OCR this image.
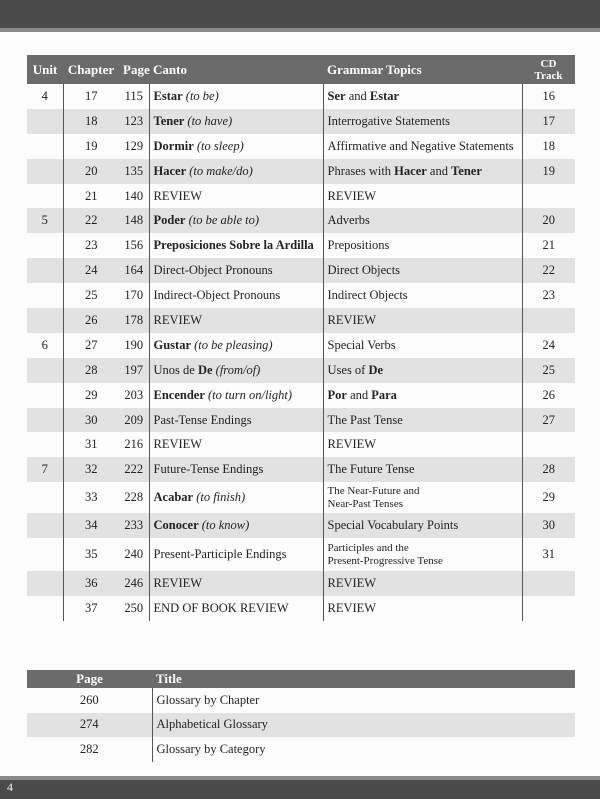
Unit	Chapter	Page	Canto	Grammar Topics	CD
Track
4	17	115	Estar (to be)	Ser and Estar	16
	18	123	Tener (to have)	Interrogative Statements	17
	19	129	Dormir (to sleep)	Affirmative and Negative Statements	18
	20	135	Hacer (to make/do)	Phrases with Hacer and Tener	19
	21	140	REVIEW	REVIEW	
5	22	148	Poder (to be able to)	Adverbs	20
	23	156	Preposiciones Sobre la Ardilla	Prepositions	21
	24	164	Direct-Object Pronouns	Direct Objects	22
	25	170	Indirect-Object Pronouns	Indirect Objects	23
	26	178	REVIEW	REVIEW	
6	27	190	Gustar (to be pleasing)	Special Verbs	24
	28	197	Unos de De (from/of)	Uses of De	25
	29	203	Encender (to turn on/light)	Por and Para	26
	30	209	Past-Tense Endings	The Past Tense	27
	31	216	REVIEW	REVIEW	
7	32	222	Future-Tense Endings	The Future Tense	28
	33	228	Acabar (to finish)	The Near-Future and
Near-Past Tenses	29
	34	233	Conocer (to know)	Special Vocabulary Points	30
	35	240	Present-Participle Endings	Participles and the
Present-Progressive Tense	31
	36	246	REVIEW	REVIEW	
	37	250	END OF BOOK REVIEW	REVIEW	
Page	Title
260	Glossary by Chapter
274	Alphabetical Glossary
282	Glossary by Category
4
